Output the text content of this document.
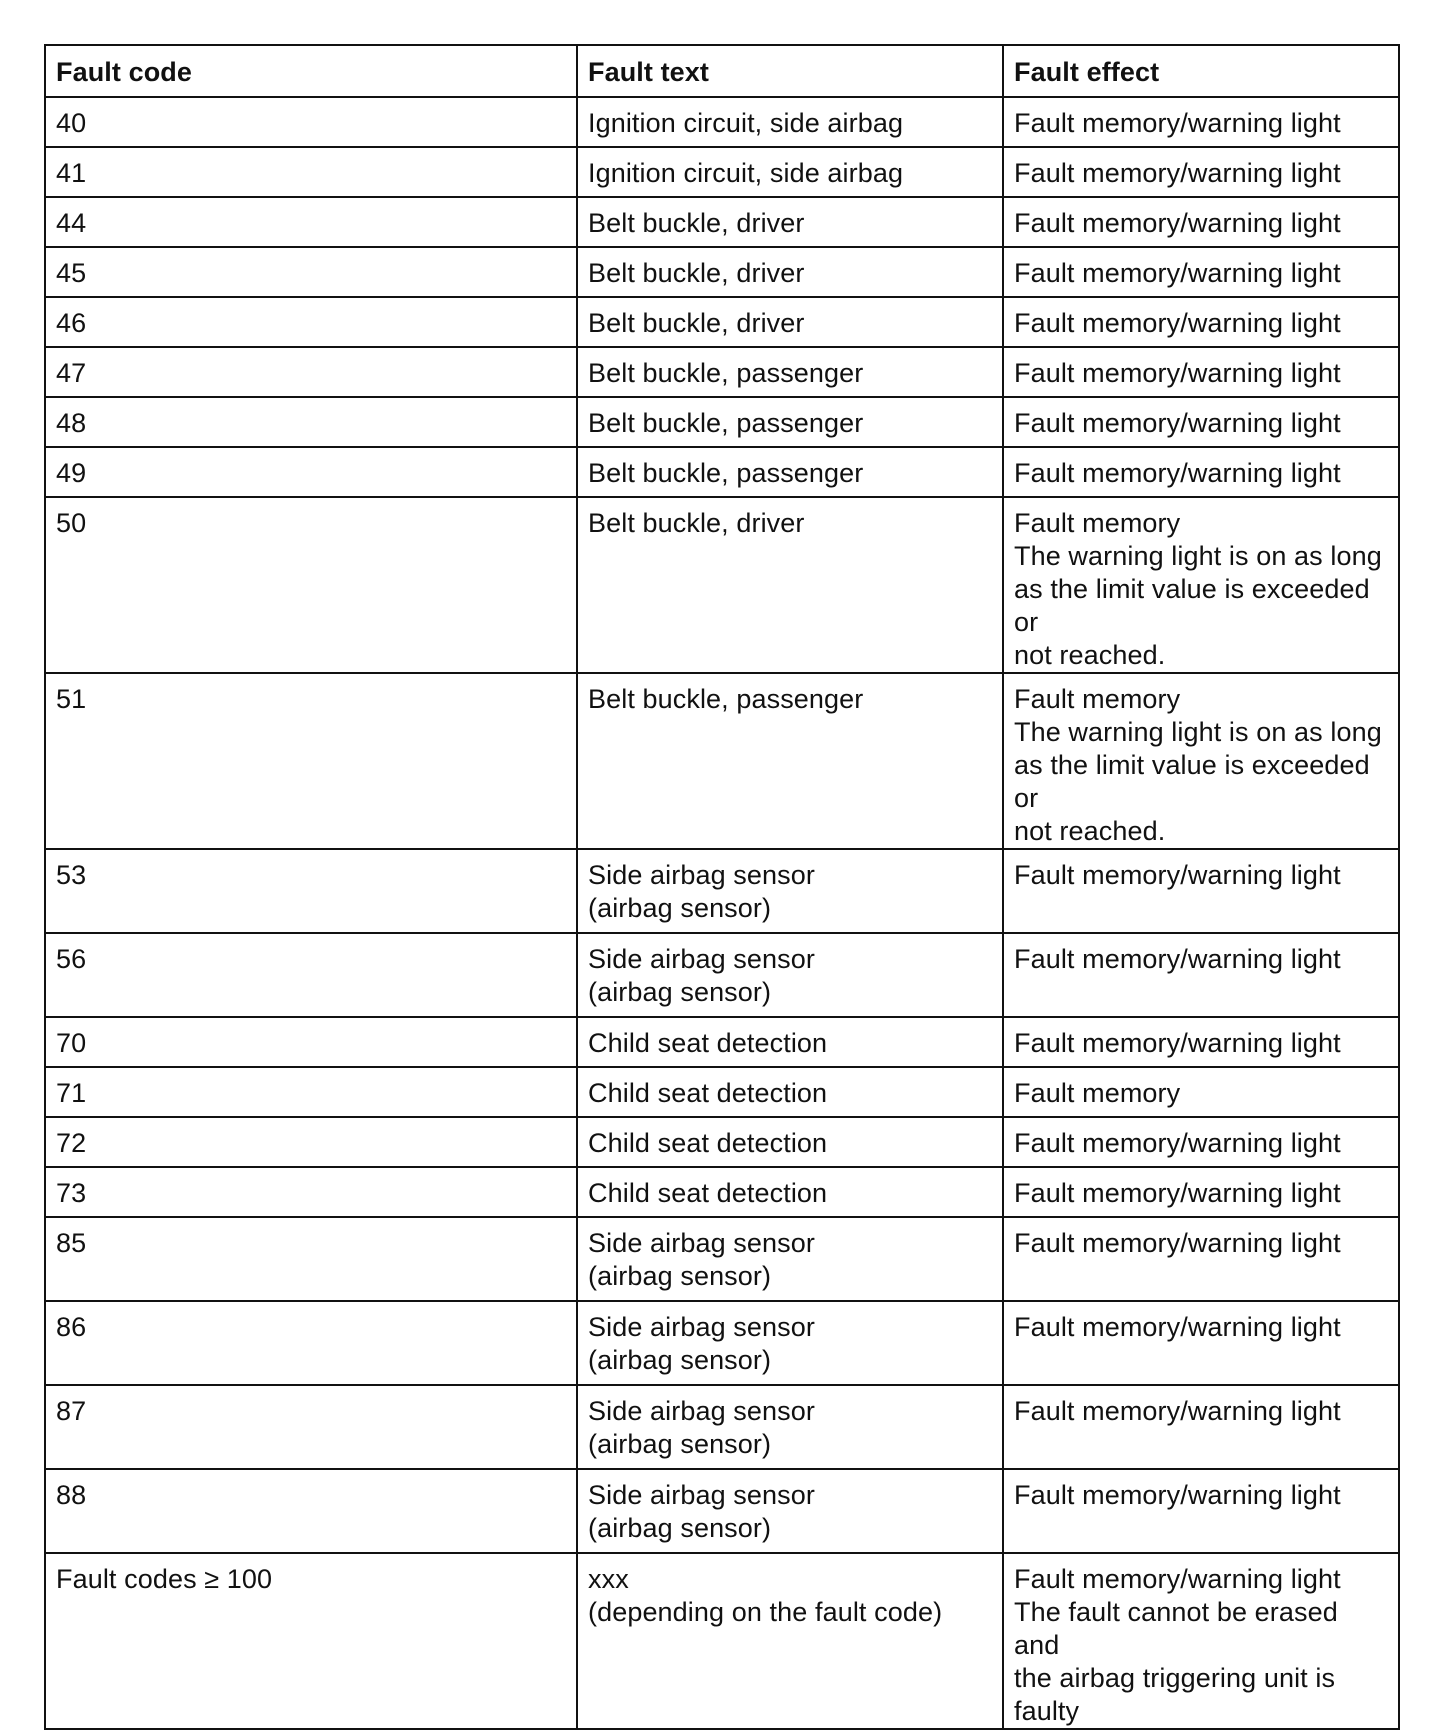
Fault code	Fault text	Fault effect
40	Ignition circuit, side airbag	Fault memory/warning light

41	Ignition circuit, side airbag	Fault memory/warning light

44	Belt buckle, driver	Fault memory/warning light

45	Belt buckle, driver	Fault memory/warning light

46	Belt buckle, driver	Fault memory/warning light

47	Belt buckle, passenger	Fault memory/warning light

48	Belt buckle, passenger	Fault memory/warning light

49	Belt buckle, passenger	Fault memory/warning light

50	Belt buckle, driver	Fault memory
The warning light is on as long
as the limit value is exceeded or
not reached.

51	Belt buckle, passenger	Fault memory
The warning light is on as long
as the limit value is exceeded or
not reached.

53	Side airbag sensor
(airbag sensor)	Fault memory/warning light

56	Side airbag sensor
(airbag sensor)	Fault memory/warning light

70	Child seat detection	Fault memory/warning light

71	Child seat detection	Fault memory

72	Child seat detection	Fault memory/warning light

73	Child seat detection	Fault memory/warning light

85	Side airbag sensor
(airbag sensor)	Fault memory/warning light

86	Side airbag sensor
(airbag sensor)	Fault memory/warning light

87	Side airbag sensor
(airbag sensor)	Fault memory/warning light

88	Side airbag sensor
(airbag sensor)	Fault memory/warning light

Fault codes ≥ 100	xxx
(depending on the fault code)	Fault memory/warning light
The fault cannot be erased and
the airbag triggering unit is
faulty
